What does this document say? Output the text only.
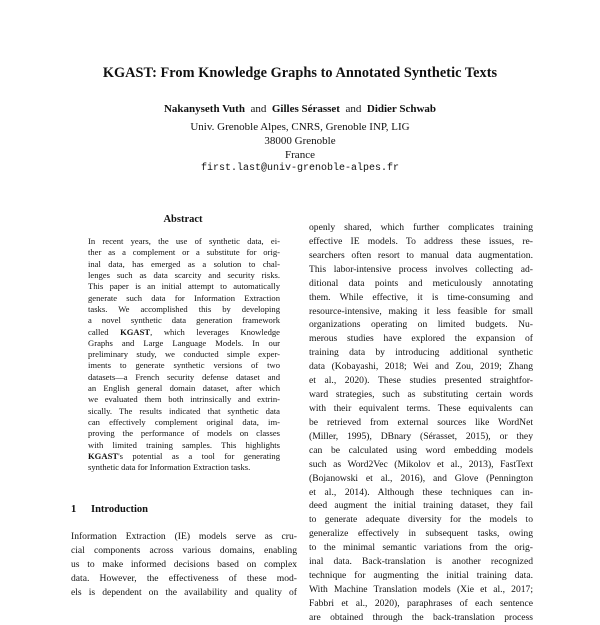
KGAST: From Knowledge Graphs to Annotated Synthetic Texts
Nakanyseth Vuth and Gilles Sérasset and Didier Schwab
Univ. Grenoble Alpes, CNRS, Grenoble INP, LIG
38000 Grenoble
France
first.last@univ-grenoble-alpes.fr
Abstract
In recent years, the use of synthetic data, ei-
ther as a complement or a substitute for orig-
inal data, has emerged as a solution to chal-
lenges such as data scarcity and security risks.
This paper is an initial attempt to automatically
generate such data for Information Extraction
tasks. We accomplished this by developing
a novel synthetic data generation framework
called KGAST, which leverages Knowledge
Graphs and Large Language Models. In our
preliminary study, we conducted simple exper-
iments to generate synthetic versions of two
datasets—a French security defense dataset and
an English general domain dataset, after which
we evaluated them both intrinsically and extrin-
sically. The results indicated that synthetic data
can effectively complement original data, im-
proving the performance of models on classes
with limited training samples. This highlights
KGAST's potential as a tool for generating
synthetic data for Information Extraction tasks.
1 Introduction
Information Extraction (IE) models serve as cru-
cial components across various domains, enabling
us to make informed decisions based on complex
data. However, the effectiveness of these mod-
els is dependent on the availability and quality of
openly shared, which further complicates training
effective IE models. To address these issues, re-
searchers often resort to manual data augmentation.
This labor-intensive process involves collecting ad-
ditional data points and meticulously annotating
them. While effective, it is time-consuming and
resource-intensive, making it less feasible for small
organizations operating on limited budgets. Nu-
merous studies have explored the expansion of
training data by introducing additional synthetic
data (Kobayashi, 2018; Wei and Zou, 2019; Zhang
et al., 2020). These studies presented straightfor-
ward strategies, such as substituting certain words
with their equivalent terms. These equivalents can
be retrieved from external sources like WordNet
(Miller, 1995), DBnary (Sérasset, 2015), or they
can be calculated using word embedding models
such as Word2Vec (Mikolov et al., 2013), FastText
(Bojanowski et al., 2016), and Glove (Pennington
et al., 2014). Although these techniques can in-
deed augment the initial training dataset, they fail
to generate adequate diversity for the models to
generalize effectively in subsequent tasks, owing
to the minimal semantic variations from the orig-
inal data. Back-translation is another recognized
technique for augmenting the initial training data.
With Machine Translation models (Xie et al., 2017;
Fabbri et al., 2020), paraphrases of each sentence
are obtained through the back-translation process
